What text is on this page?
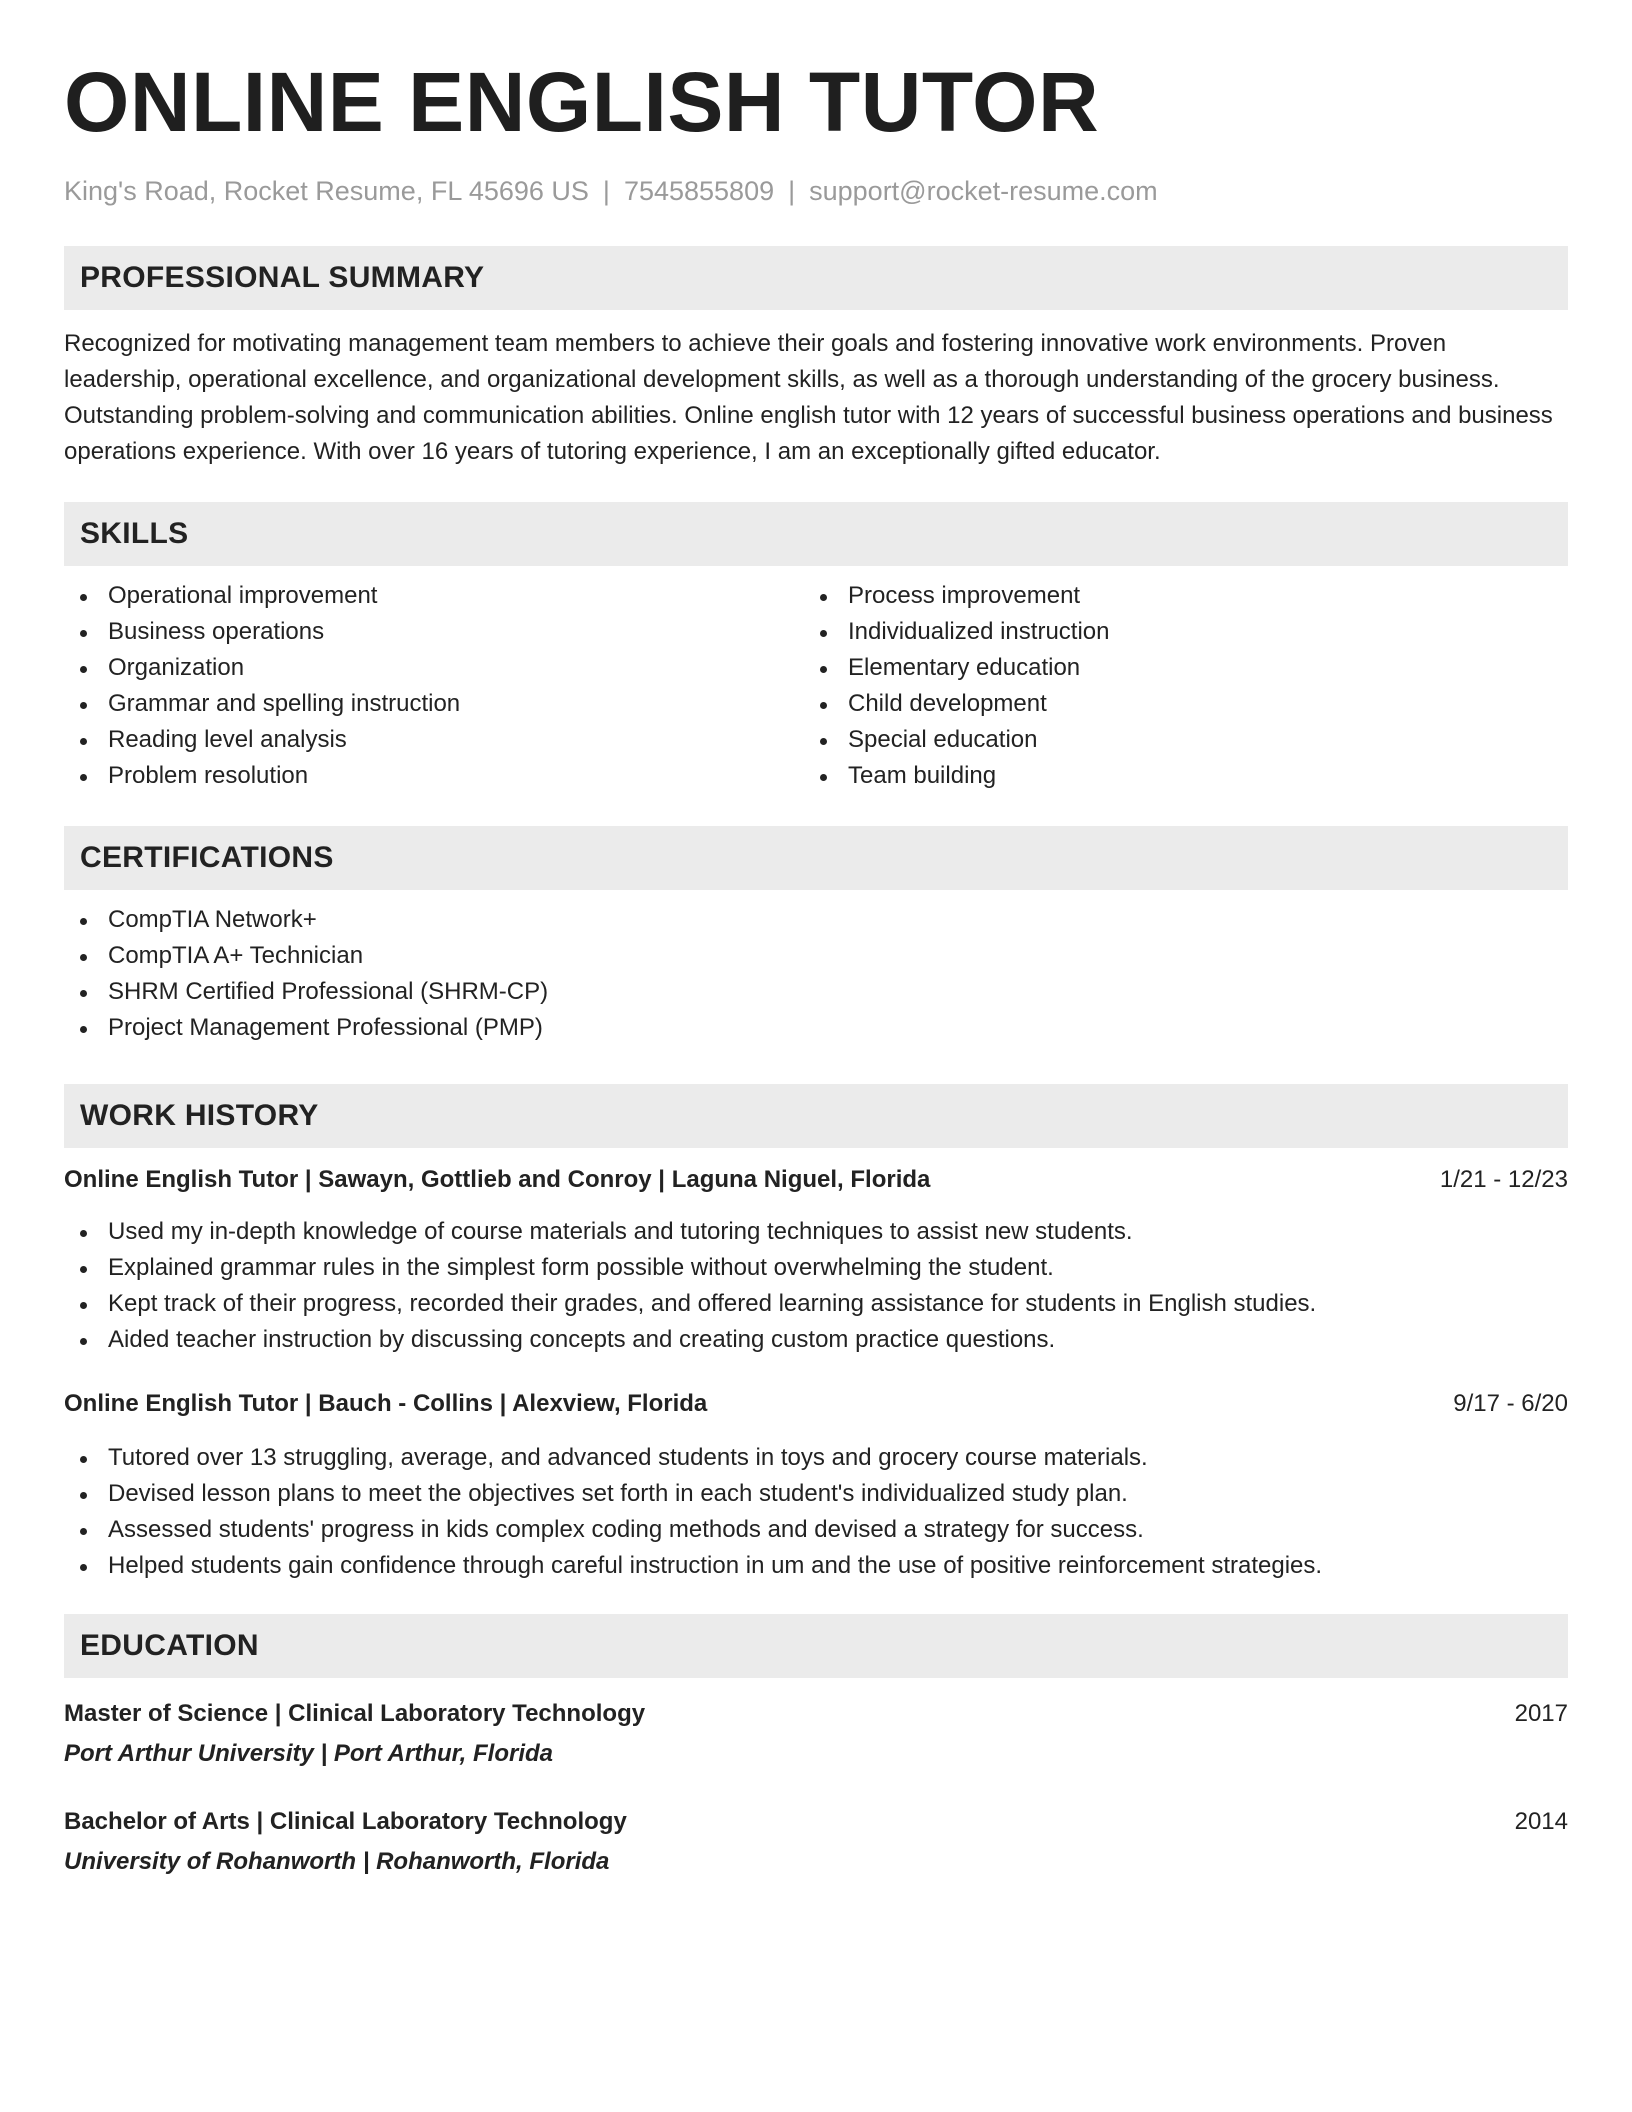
ONLINE ENGLISH TUTOR
King's Road, Rocket Resume, FL 45696 US | 7545855809 | support@rocket-resume.com
PROFESSIONAL SUMMARY
Recognized for motivating management team members to achieve their goals and fostering innovative work environments. Proven leadership, operational excellence, and organizational development skills, as well as a thorough understanding of the grocery business. Outstanding problem-solving and communication abilities. Online english tutor with 12 years of successful business operations and business operations experience. With over 16 years of tutoring experience, I am an exceptionally gifted educator.
SKILLS
Operational improvement
Business operations
Organization
Grammar and spelling instruction
Reading level analysis
Problem resolution
Process improvement
Individualized instruction
Elementary education
Child development
Special education
Team building
CERTIFICATIONS
CompTIA Network+
CompTIA A+ Technician
SHRM Certified Professional (SHRM-CP)
Project Management Professional (PMP)
WORK HISTORY
Online English Tutor | Sawayn, Gottlieb and Conroy | Laguna Niguel, Florida	1/21 - 12/23
Used my in-depth knowledge of course materials and tutoring techniques to assist new students.
Explained grammar rules in the simplest form possible without overwhelming the student.
Kept track of their progress, recorded their grades, and offered learning assistance for students in English studies.
Aided teacher instruction by discussing concepts and creating custom practice questions.
Online English Tutor | Bauch - Collins | Alexview, Florida	9/17 - 6/20
Tutored over 13 struggling, average, and advanced students in toys and grocery course materials.
Devised lesson plans to meet the objectives set forth in each student's individualized study plan.
Assessed students' progress in kids complex coding methods and devised a strategy for success.
Helped students gain confidence through careful instruction in um and the use of positive reinforcement strategies.
EDUCATION
Master of Science | Clinical Laboratory Technology	2017
Port Arthur University | Port Arthur, Florida
Bachelor of Arts | Clinical Laboratory Technology	2014
University of Rohanworth | Rohanworth, Florida
